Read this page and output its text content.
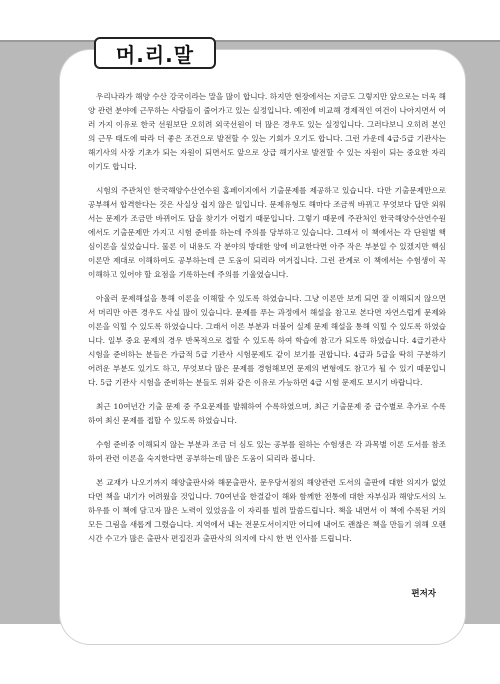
머.리.말

우리나라가 해양 수산 강국이라는 말을 많이 합니다. 하지만 현장에서는 지금도 그렇지만 앞으로는 더욱 해양 관련 분야에 근무하는 사람들이 줄어가고 있는 실정입니다. 예전에 비교해 경제적인 여건이 나아지면서 여러 가지 이유로 한국 선원보단 오히려 외국선원이 더 많은 경우도 있는 실정입니다. 그러다보니 오히려 본인의 근무 태도에 따라 더 좋은 조건으로 발전할 수 있는 기회가 오기도 합니다. 그런 가운데 4급·5급 기관사는 해기사의 사장 기초가 되는 자원이 되면서도 앞으로 상급 해기사로 발전할 수 있는 자원이 되는 중요한 자리이기도 합니다.

시험의 주관처인 한국해양수산연수원 홈페이지에서 기출문제를 제공하고 있습니다. 다만 기출문제만으로 공부해서 합격한다는 것은 사실상 쉽지 않은 일입니다. 문제유형도 해마다 조금씩 바뀌고 무엇보다 답만 외워서는 문제가 조금만 바뀌어도 답을 찾기가 어렵기 때문입니다. 그렇기 때문에 주관처인 한국해양수산연수원에서도 기출문제만 가지고 시험 준비를 하는데 주의를 당부하고 있습니다. 그래서 이 책에서는 각 단원별 핵심이론을 실었습니다. 물론 이 내용도 각 분야의 방대한 양에 비교한다면 아주 작은 부분일 수 있겠지만 핵심이론만 제대로 이해하여도 공부하는데 큰 도움이 되리라 여겨집니다. 그런 관계로 이 책에서는 수험생이 꼭 이해하고 있어야 할 요점을 기록하는데 주의를 기울였습니다.

아울러 문제해설을 통해 이론을 이해할 수 있도록 하였습니다. 그냥 이론만 보게 되면 잘 이해되지 않으면서 머리만 아픈 경우도 사실 많이 있습니다. 문제를 푸는 과정에서 해설을 참고로 본다면 자연스럽게 문제와 이론을 익힐 수 있도록 하였습니다. 그래서 이론 부분과 더불어 실제 문제 해설을 통해 익힐 수 있도록 하였습니다. 일부 중요 문제의 경우 반복적으로 접할 수 있도록 하여 학습에 참고가 되도록 하였습니다. 4급기관사 시험을 준비하는 분들은 가급적 5급 기관사 시험문제도 같이 보기를 권합니다. 4급과 5급을 딱히 구분하기 어려운 부분도 있기도 하고, 무엇보다 많은 문제를 경험해보면 문제의 변형에도 참고가 될 수 있기 때문입니다. 5급 기관사 시험을 준비하는 분들도 위와 같은 이유로 가능하면 4급 시험 문제도 보시기 바랍니다.

최근 10여년간 기출 문제 중 주요문제를 발췌하여 수록하였으며, 최근 기출문제 중 급수별로 추가로 수록하여 최신 문제를 접할 수 있도록 하였습니다.

수험 준비중 이해되지 않는 부분과 조금 더 심도 있는 공부를 원하는 수험생은 각 과목별 이론 도서를 참조하여 관련 이론을 숙지한다면 공부하는데 많은 도움이 되리라 봅니다.

본 교재가 나오기까지 해양출판사와 해문출판사, 문우당서점의 해양관련 도서의 출판에 대한 의지가 없었다면 책을 내기가 어려웠을 것입니다. 70여년을 한결같이 해와 함께한 전통에 대한 자부심과 해양도서의 노하우를 이 책에 담고자 많은 노력이 있었음을 이 자리를 빌려 말씀드립니다. 책을 내면서 이 책에 수록된 거의 모든 그림을 새롭게 그렸습니다. 지역에서 내는 전문도서이지만 어디에 내어도 괜찮은 책을 만들기 위해 오랜 시간 수고가 많은 출판사 편집진과 출판사의 의지에 다시 한 번 인사를 드립니다.

편저자
